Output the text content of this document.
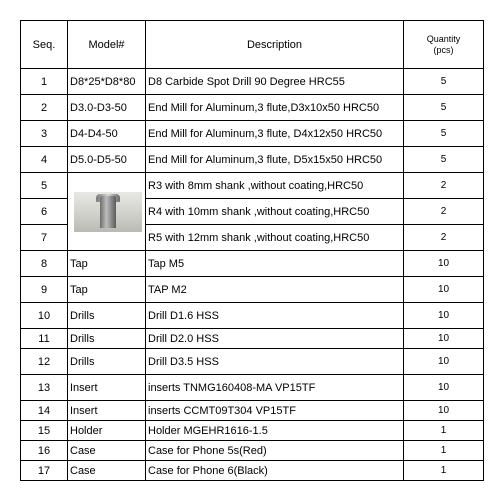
Seq.	Model#	Description	Quantity
(pcs)
1	D8*25*D8*80	D8 Carbide Spot Drill 90 Degree HRC55	5
2	D3.0-D3-50	End Mill for Aluminum,3 flute,D3x10x50 HRC50	5
3	D4-D4-50	End Mill for Aluminum,3 flute, D4x12x50 HRC50	5
4	D5.0-D5-50	End Mill for Aluminum,3 flute, D5x15x50 HRC50	5
5		R3 with 8mm shank ,without coating,HRC50	2
6		R4 with 10mm shank ,without coating,HRC50	2
7		R5 with 12mm shank ,without coating,HRC50	2
8	Tap	Tap M5	10
9	Tap	TAP M2	10
10	Drills	Drill D1.6 HSS	10
11	Drills	Drill D2.0 HSS	10
12	Drills	Drill D3.5 HSS	10
13	Insert	inserts TNMG160408-MA VP15TF	10
14	Insert	inserts CCMT09T304 VP15TF	10
15	Holder	Holder MGEHR1616-1.5	1
16	Case	Case for Phone 5s(Red)	1
17	Case	Case for Phone 6(Black)	1
